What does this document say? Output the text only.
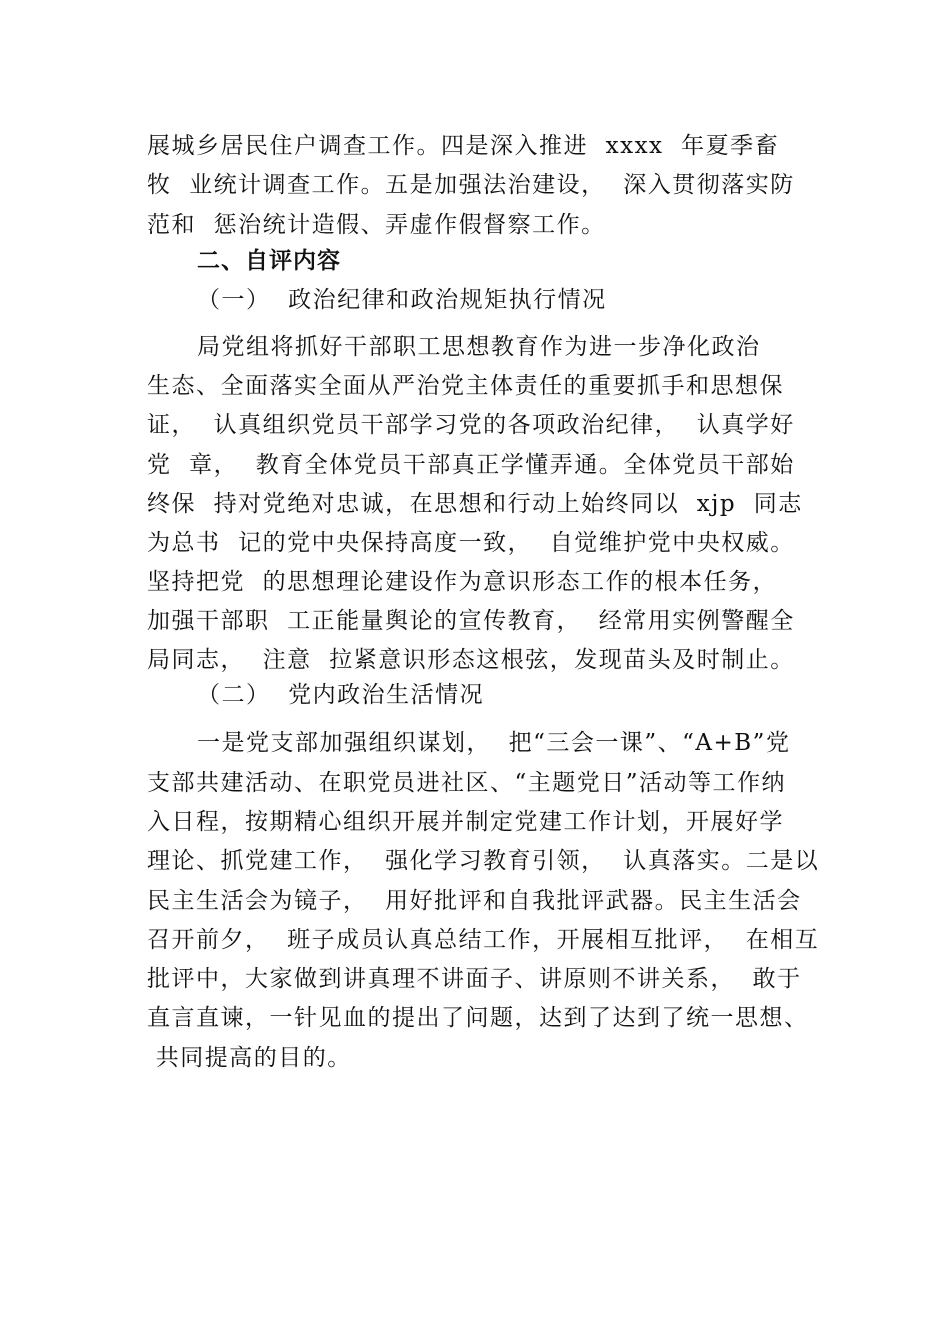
展城乡居民住户调查工作。四是深入推进  xxxx  年夏季畜
牧  业统计调查工作。五是加强法治建设，  深入贯彻落实防
范和  惩治统计造假、弄虚作假督察工作。
二、自评内容
（一）  政治纪律和政治规矩执行情况
局党组将抓好干部职工思想教育作为进一步净化政治
生态、全面落实全面从严治党主体责任的重要抓手和思想保
证，  认真组织党员干部学习党的各项政治纪律，  认真学好
党  章，  教育全体党员干部真正学懂弄通。全体党员干部始
终保  持对党绝对忠诚，在思想和行动上始终同以  xjp  同志
为总书  记的党中央保持高度一致，  自觉维护党中央权威。
坚持把党  的思想理论建设作为意识形态工作的根本任务，
加强干部职  工正能量舆论的宣传教育，  经常用实例警醒全
局同志，  注意  拉紧意识形态这根弦，发现苗头及时制止。
（二）  党内政治生活情况
一是党支部加强组织谋划，  把“三会一课”、“A+B”党
支部共建活动、在职党员进社区、“主题党日”活动等工作纳
入日程，按期精心组织开展并制定党建工作计划，开展好学
理论、抓党建工作，  强化学习教育引领，  认真落实。二是以
民主生活会为镜子，  用好批评和自我批评武器。民主生活会
召开前夕，  班子成员认真总结工作，开展相互批评，  在相互
批评中，大家做到讲真理不讲面子、讲原则不讲关系，  敢于
直言直谏，一针见血的提出了问题，达到了达到了统一思想、
共同提高的目的。
